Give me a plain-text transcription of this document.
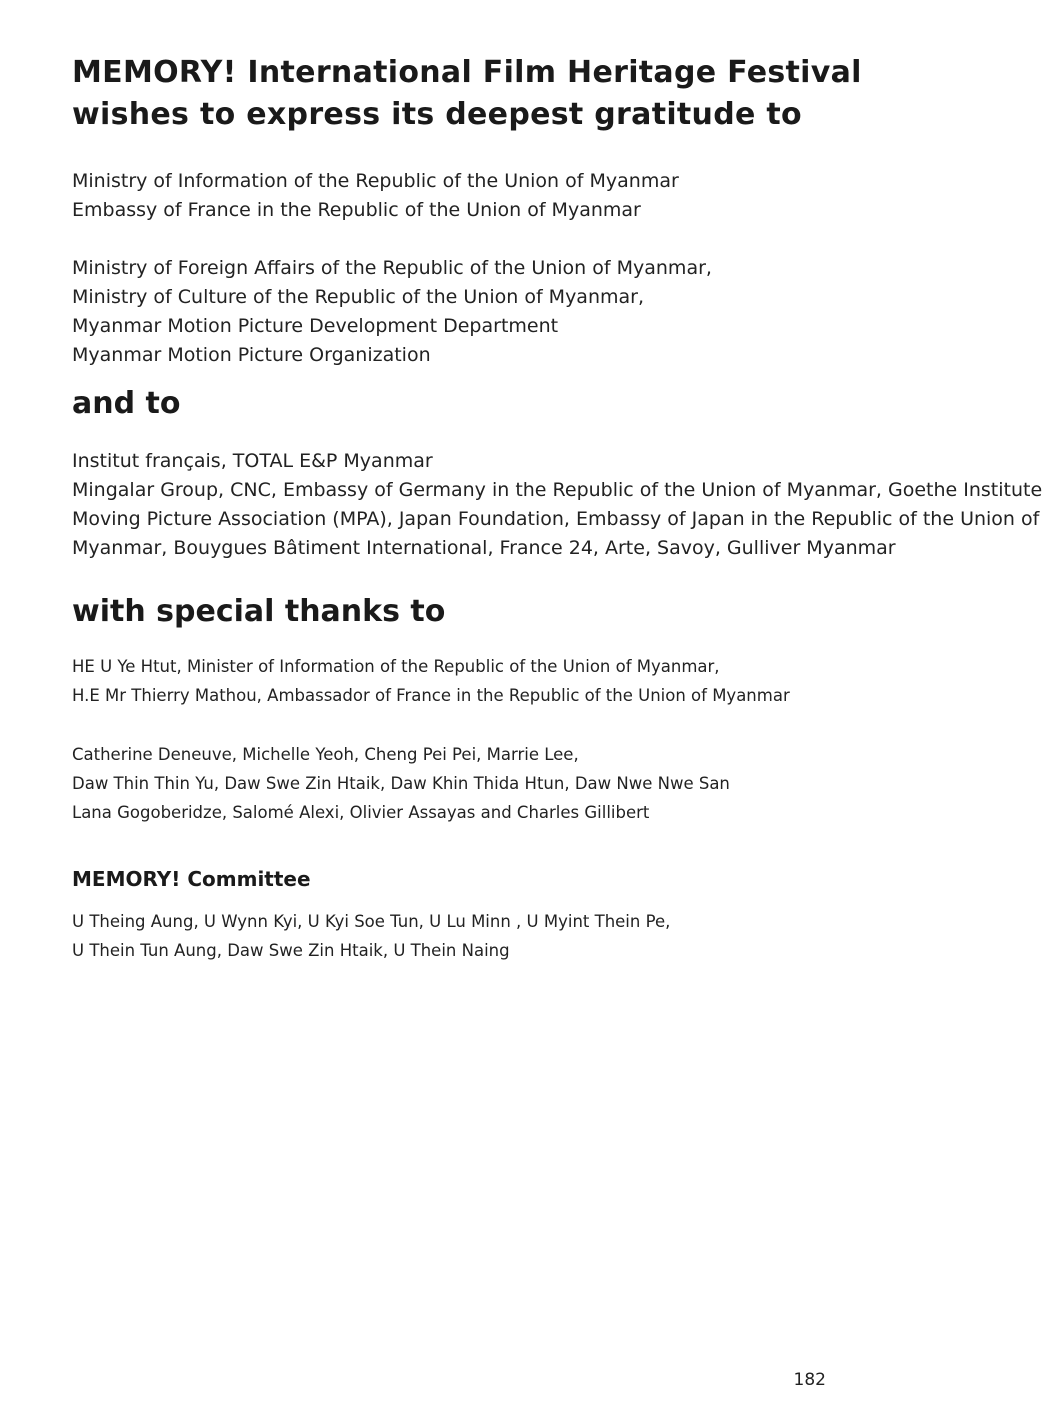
MEMORY! International Film Heritage Festival
wishes to express its deepest gratitude to
Ministry of Information of the Republic of the Union of Myanmar
Embassy of France in the Republic of the Union of Myanmar
Ministry of Foreign Affairs of the Republic of the Union of Myanmar,
Ministry of Culture of the Republic of the Union of Myanmar,
Myanmar Motion Picture Development Department
Myanmar Motion Picture Organization
and to
Institut français, TOTAL E&P Myanmar
Mingalar Group, CNC, Embassy of Germany in the Republic of the Union of Myanmar, Goethe Institute
Moving Picture Association (MPA), Japan Foundation, Embassy of Japan in the Republic of the Union of
Myanmar, Bouygues Bâtiment International, France 24, Arte, Savoy, Gulliver Myanmar
with special thanks to
HE U Ye Htut, Minister of Information of the Republic of the Union of Myanmar,
H.E Mr Thierry Mathou, Ambassador of France in the Republic of the Union of Myanmar
Catherine Deneuve, Michelle Yeoh, Cheng Pei Pei, Marrie Lee,
Daw Thin Thin Yu, Daw Swe Zin Htaik, Daw Khin Thida Htun, Daw Nwe Nwe San
Lana Gogoberidze, Salomé Alexi, Olivier Assayas and Charles Gillibert
MEMORY! Committee
U Theing Aung, U Wynn Kyi, U Kyi Soe Tun, U Lu Minn , U Myint Thein Pe,
U Thein Tun Aung, Daw Swe Zin Htaik, U Thein Naing
182
